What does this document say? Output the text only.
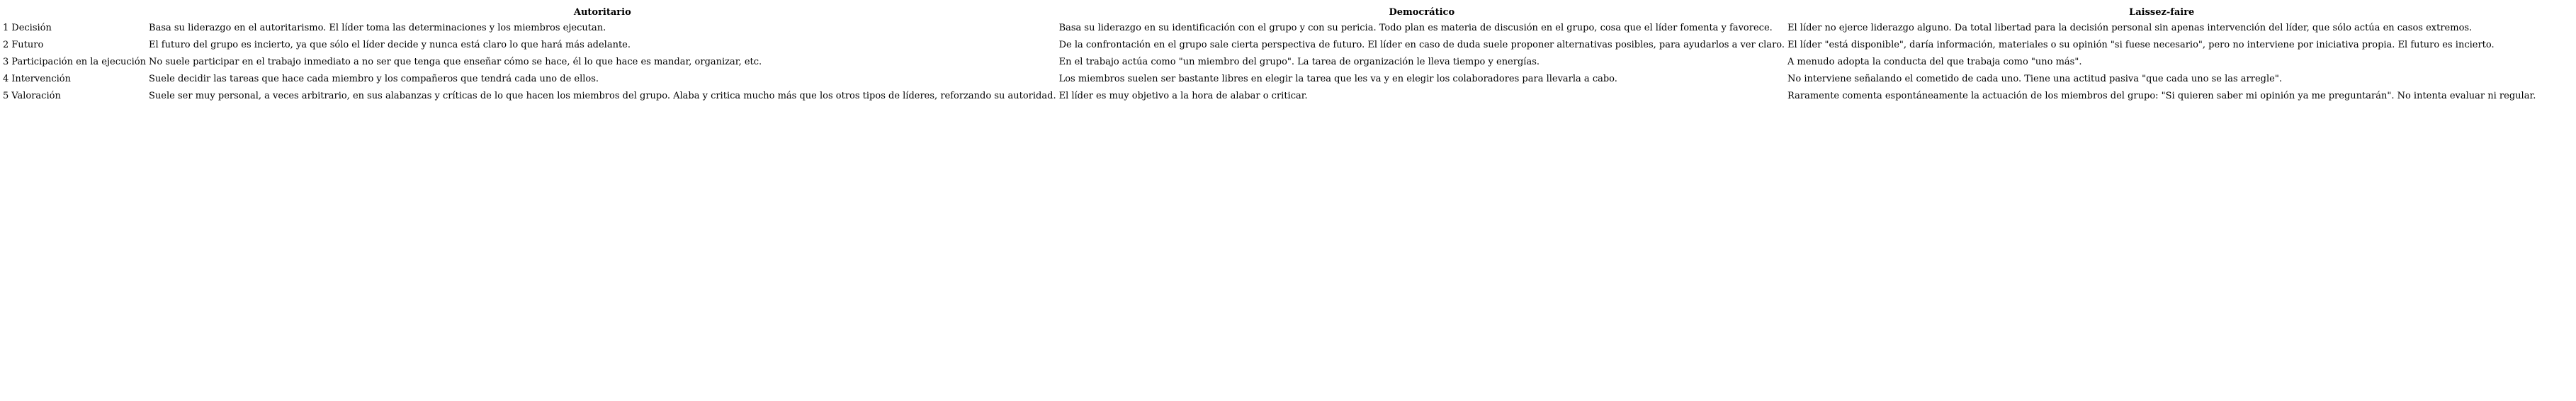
		Autoritario	Democrático	Laissez-faire
1	Decisión	Basa su liderazgo en el autoritarismo. El líder toma las determinaciones y los miembros ejecutan.	Basa su liderazgo en su identificación con el grupo y con su pericia. Todo plan es materia de discusión en el grupo, cosa que el líder fomenta y favorece.	El líder no ejerce liderazgo alguno. Da total libertad para la decisión personal sin apenas intervención del líder, que sólo actúa en casos extremos.
2	Futuro	El futuro del grupo es incierto, ya que sólo el líder decide y nunca está claro lo que hará más adelante.	De la confrontación en el grupo sale cierta perspectiva de futuro. El líder en caso de duda suele proponer alternativas posibles, para ayudarlos a ver claro.	El líder "está disponible", daría información, materiales o su opinión "si fuese necesario", pero no interviene por iniciativa propia. El futuro es incierto.
3	Participación en la ejecución	No suele participar en el trabajo inmediato a no ser que tenga que enseñar cómo se hace, él lo que hace es mandar, organizar, etc.	En el trabajo actúa como "un miembro del grupo". La tarea de organización le lleva tiempo y energías.	A menudo adopta la conducta del que trabaja como "uno más".
4	Intervención	Suele decidir las tareas que hace cada miembro y los compañeros que tendrá cada uno de ellos.	Los miembros suelen ser bastante libres en elegir la tarea que les va y en elegir los colaboradores para llevarla a cabo.	No interviene señalando el cometido de cada uno. Tiene una actitud pasiva "que cada uno se las arregle".
5	Valoración	Suele ser muy personal, a veces arbitrario, en sus alabanzas y críticas de lo que hacen los miembros del grupo. Alaba y critica mucho más que los otros tipos de líderes, reforzando su autoridad.	El líder es muy objetivo a la hora de alabar o criticar.	Raramente comenta espontáneamente la actuación de los miembros del grupo: "Si quieren saber mi opinión ya me preguntarán". No intenta evaluar ni regular.
